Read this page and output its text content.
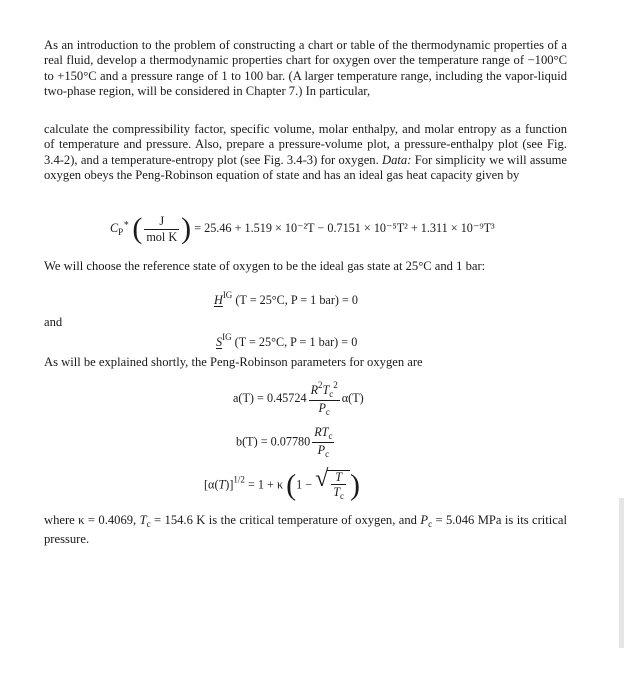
As an introduction to the problem of constructing a chart or table of the thermodynamic properties of a real fluid, develop a thermodynamic properties chart for oxygen over the temperature range of −100°C to +150°C and a pressure range of 1 to 100 bar. (A larger temperature range, including the vapor-liquid two-phase region, will be considered in Chapter 7.) In particular,

calculate the compressibility factor, specific volume, molar enthalpy, and molar entropy as a function of temperature and pressure. Also, prepare a pressure-volume plot, a pressure-enthalpy plot (see Fig. 3.4-2), and a temperature-entropy plot (see Fig. 3.4-3) for oxygen. Data: For simplicity we will assume oxygen obeys the Peng-Robinson equation of state and has an ideal gas heat capacity given by

$C_P^∗$ ( $\frac{J}{\text{mol K}}$ ) = 25.46 + 1.519 × 10⁻²T − 0.7151 × 10⁻⁵T² + 1.311 × 10⁻⁹T³

We will choose the reference state of oxygen to be the ideal gas state at 25°C and 1 bar:

$H^{IG}$ (T = 25°C, P = 1 bar) = 0

and

$S^{IG}$ (T = 25°C, P = 1 bar) = 0

As will be explained shortly, the Peng-Robinson parameters for oxygen are

$a(T) = 0.45724 \frac{R^2T_c^2}{P_c} \alpha(T)$
$b(T) = 0.07780 \frac{RT_c}{P_c}$
$[\alpha(T)]^{1/2} = 1 + \kappa$ (1 − √ $\frac{T}{T_c}$ )

where κ = 0.4069, $T_c = 154.6$ K is the critical temperature of oxygen, and $P_c = 5.046$ MPa is its critical pressure.
